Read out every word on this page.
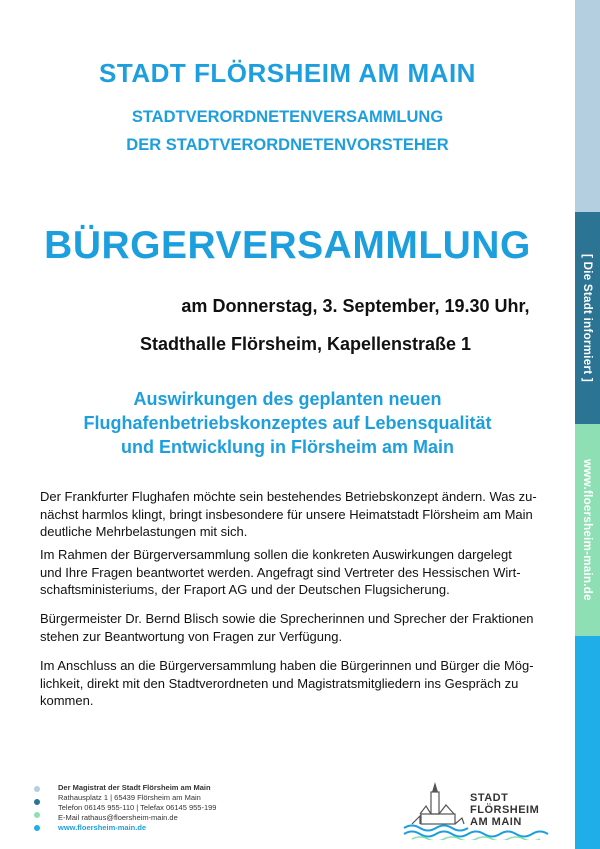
[ Die Stadt informiert ]
www.floersheim-main.de
STADT FLÖRSHEIM AM MAIN
STADTVERORDNETENVERSAMMLUNG
DER STADTVERORDNETENVORSTEHER
BÜRGERVERSAMMLUNG
am Donnerstag, 3. September, 19.30 Uhr,
Stadthalle Flörsheim, Kapellenstraße 1
Auswirkungen des geplanten neuen
Flughafenbetriebskonzeptes auf Lebensqualität
und Entwicklung in Flörsheim am Main
Der Frankfurter Flughafen möchte sein bestehendes Betriebskonzept ändern. Was zu-
nächst harmlos klingt, bringt insbesondere für unsere Heimatstadt Flörsheim am Main
deutliche Mehrbelastungen mit sich.
Im Rahmen der Bürgerversammlung sollen die konkreten Auswirkungen dargelegt
und Ihre Fragen beantwortet werden. Angefragt sind Vertreter des Hessischen Wirt-
schaftsministeriums, der Fraport AG und der Deutschen Flugsicherung.
Bürgermeister Dr. Bernd Blisch sowie die Sprecherinnen und Sprecher der Fraktionen
stehen zur Beantwortung von Fragen zur Verfügung.
Im Anschluss an die Bürgerversammlung haben die Bürgerinnen und Bürger die Mög-
lichkeit, direkt mit den Stadtverordneten und Magistratsmitgliedern ins Gespräch zu
kommen.
Der Magistrat der Stadt Flörsheim am Main
Rathausplatz 1 | 65439 Flörsheim am Main
Telefon 06145 955-110 | Telefax 06145 955-199
E-Mail rathaus@floersheim-main.de
www.floersheim-main.de
STADT
FLÖRSHEIM
AM MAIN
